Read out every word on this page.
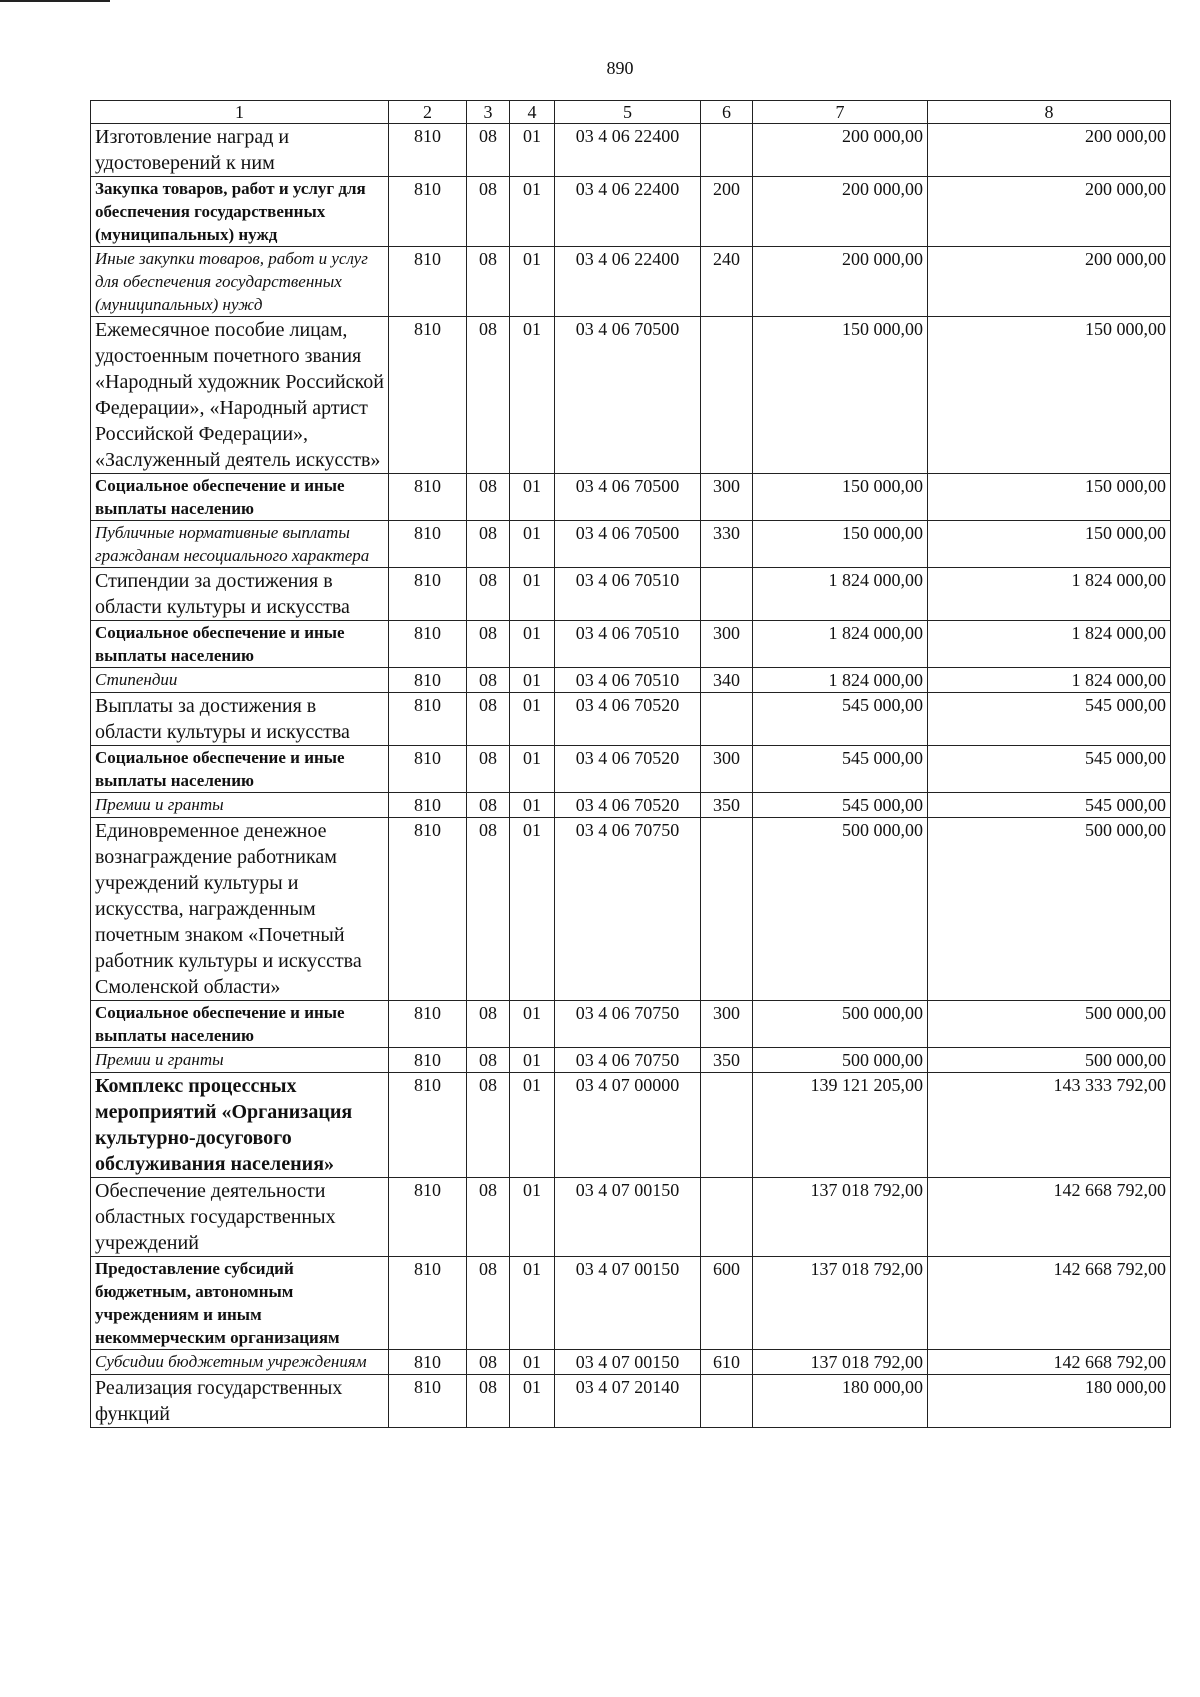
890
1	2	3	4	5	6	7	8
Изготовление наград и удостоверений к ним	810	08	01	03 4 06 22400		200 000,00	200 000,00
Закупка товаров, работ и услуг для обеспечения государственных (муниципальных) нужд	810	08	01	03 4 06 22400	200	200 000,00	200 000,00
Иные закупки товаров, работ и услуг для обеспечения государственных (муниципальных) нужд	810	08	01	03 4 06 22400	240	200 000,00	200 000,00
Ежемесячное пособие лицам, удостоенным почетного звания «Народный художник Российской Федерации», «Народный артист Российской Федерации», «Заслуженный деятель искусств»	810	08	01	03 4 06 70500		150 000,00	150 000,00
Социальное обеспечение и иные выплаты населению	810	08	01	03 4 06 70500	300	150 000,00	150 000,00
Публичные нормативные выплаты гражданам несоциального характера	810	08	01	03 4 06 70500	330	150 000,00	150 000,00
Стипендии за достижения в области культуры и искусства	810	08	01	03 4 06 70510		1 824 000,00	1 824 000,00
Социальное обеспечение и иные выплаты населению	810	08	01	03 4 06 70510	300	1 824 000,00	1 824 000,00
Стипендии	810	08	01	03 4 06 70510	340	1 824 000,00	1 824 000,00
Выплаты за достижения в области культуры и искусства	810	08	01	03 4 06 70520		545 000,00	545 000,00
Социальное обеспечение и иные выплаты населению	810	08	01	03 4 06 70520	300	545 000,00	545 000,00
Премии и гранты	810	08	01	03 4 06 70520	350	545 000,00	545 000,00
Единовременное денежное вознаграждение работникам учреждений культуры и искусства, награжденным почетным знаком «Почетный работник культуры и искусства Смоленской области»	810	08	01	03 4 06 70750		500 000,00	500 000,00
Социальное обеспечение и иные выплаты населению	810	08	01	03 4 06 70750	300	500 000,00	500 000,00
Премии и гранты	810	08	01	03 4 06 70750	350	500 000,00	500 000,00
Комплекс процессных мероприятий «Организация культурно-досугового обслуживания населения»	810	08	01	03 4 07 00000		139 121 205,00	143 333 792,00
Обеспечение деятельности областных государственных учреждений	810	08	01	03 4 07 00150		137 018 792,00	142 668 792,00
Предоставление субсидий бюджетным, автономным учреждениям и иным некоммерческим организациям	810	08	01	03 4 07 00150	600	137 018 792,00	142 668 792,00
Субсидии бюджетным учреждениям	810	08	01	03 4 07 00150	610	137 018 792,00	142 668 792,00
Реализация государственных функций	810	08	01	03 4 07 20140		180 000,00	180 000,00
